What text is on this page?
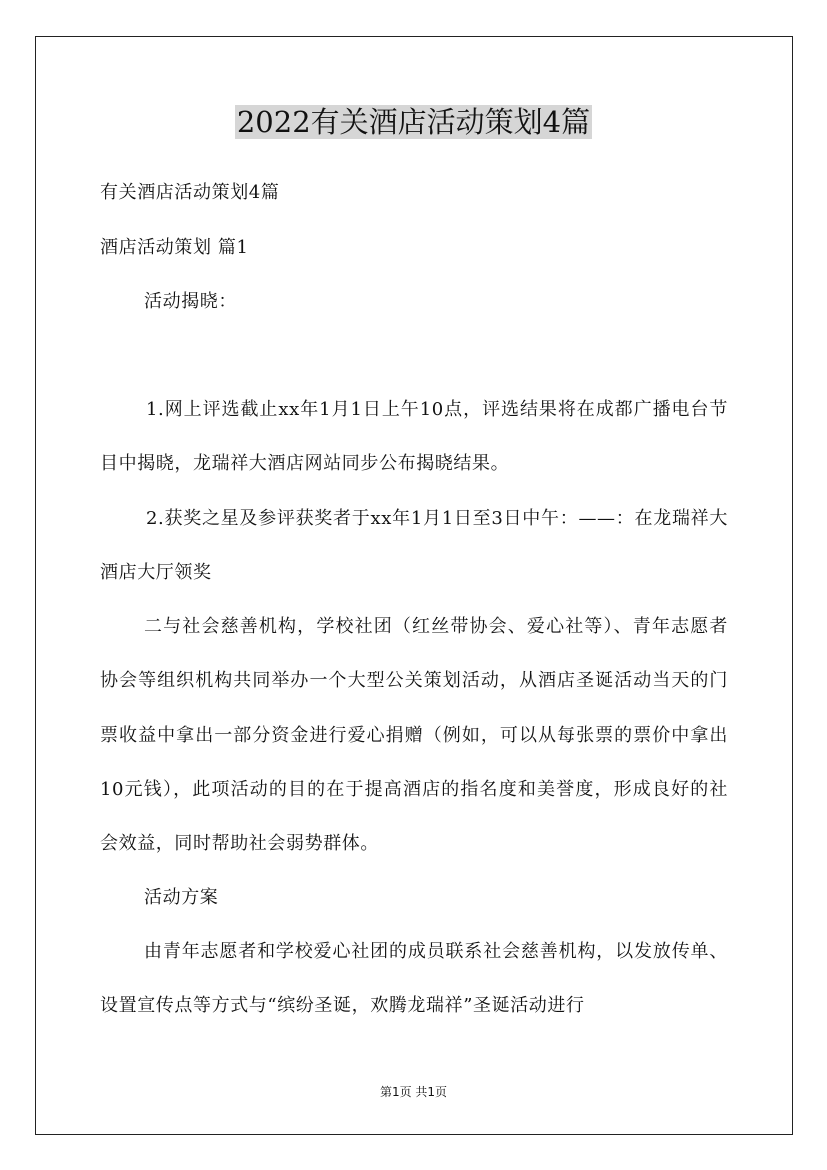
2022有关酒店活动策划4篇

有关酒店活动策划4篇

酒店活动策划 篇1

活动揭晓：

1.网上评选截止xx年1月1日上午10点，评选结果将在成都广播电台节目中揭晓，龙瑞祥大酒店网站同步公布揭晓结果。

2.获奖之星及参评获奖者于xx年1月1日至3日中午：——：在龙瑞祥大酒店大厅领奖

二与社会慈善机构，学校社团（红丝带协会、爱心社等）、青年志愿者协会等组织机构共同举办一个大型公关策划活动，从酒店圣诞活动当天的门票收益中拿出一部分资金进行爱心捐赠（例如，可以从每张票的票价中拿出10元钱），此项活动的目的在于提高酒店的指名度和美誉度，形成良好的社会效益，同时帮助社会弱势群体。

活动方案

由青年志愿者和学校爱心社团的成员联系社会慈善机构，以发放传单、设置宣传点等方式与“缤纷圣诞，欢腾龙瑞祥”圣诞活动进行

第1页 共1页
